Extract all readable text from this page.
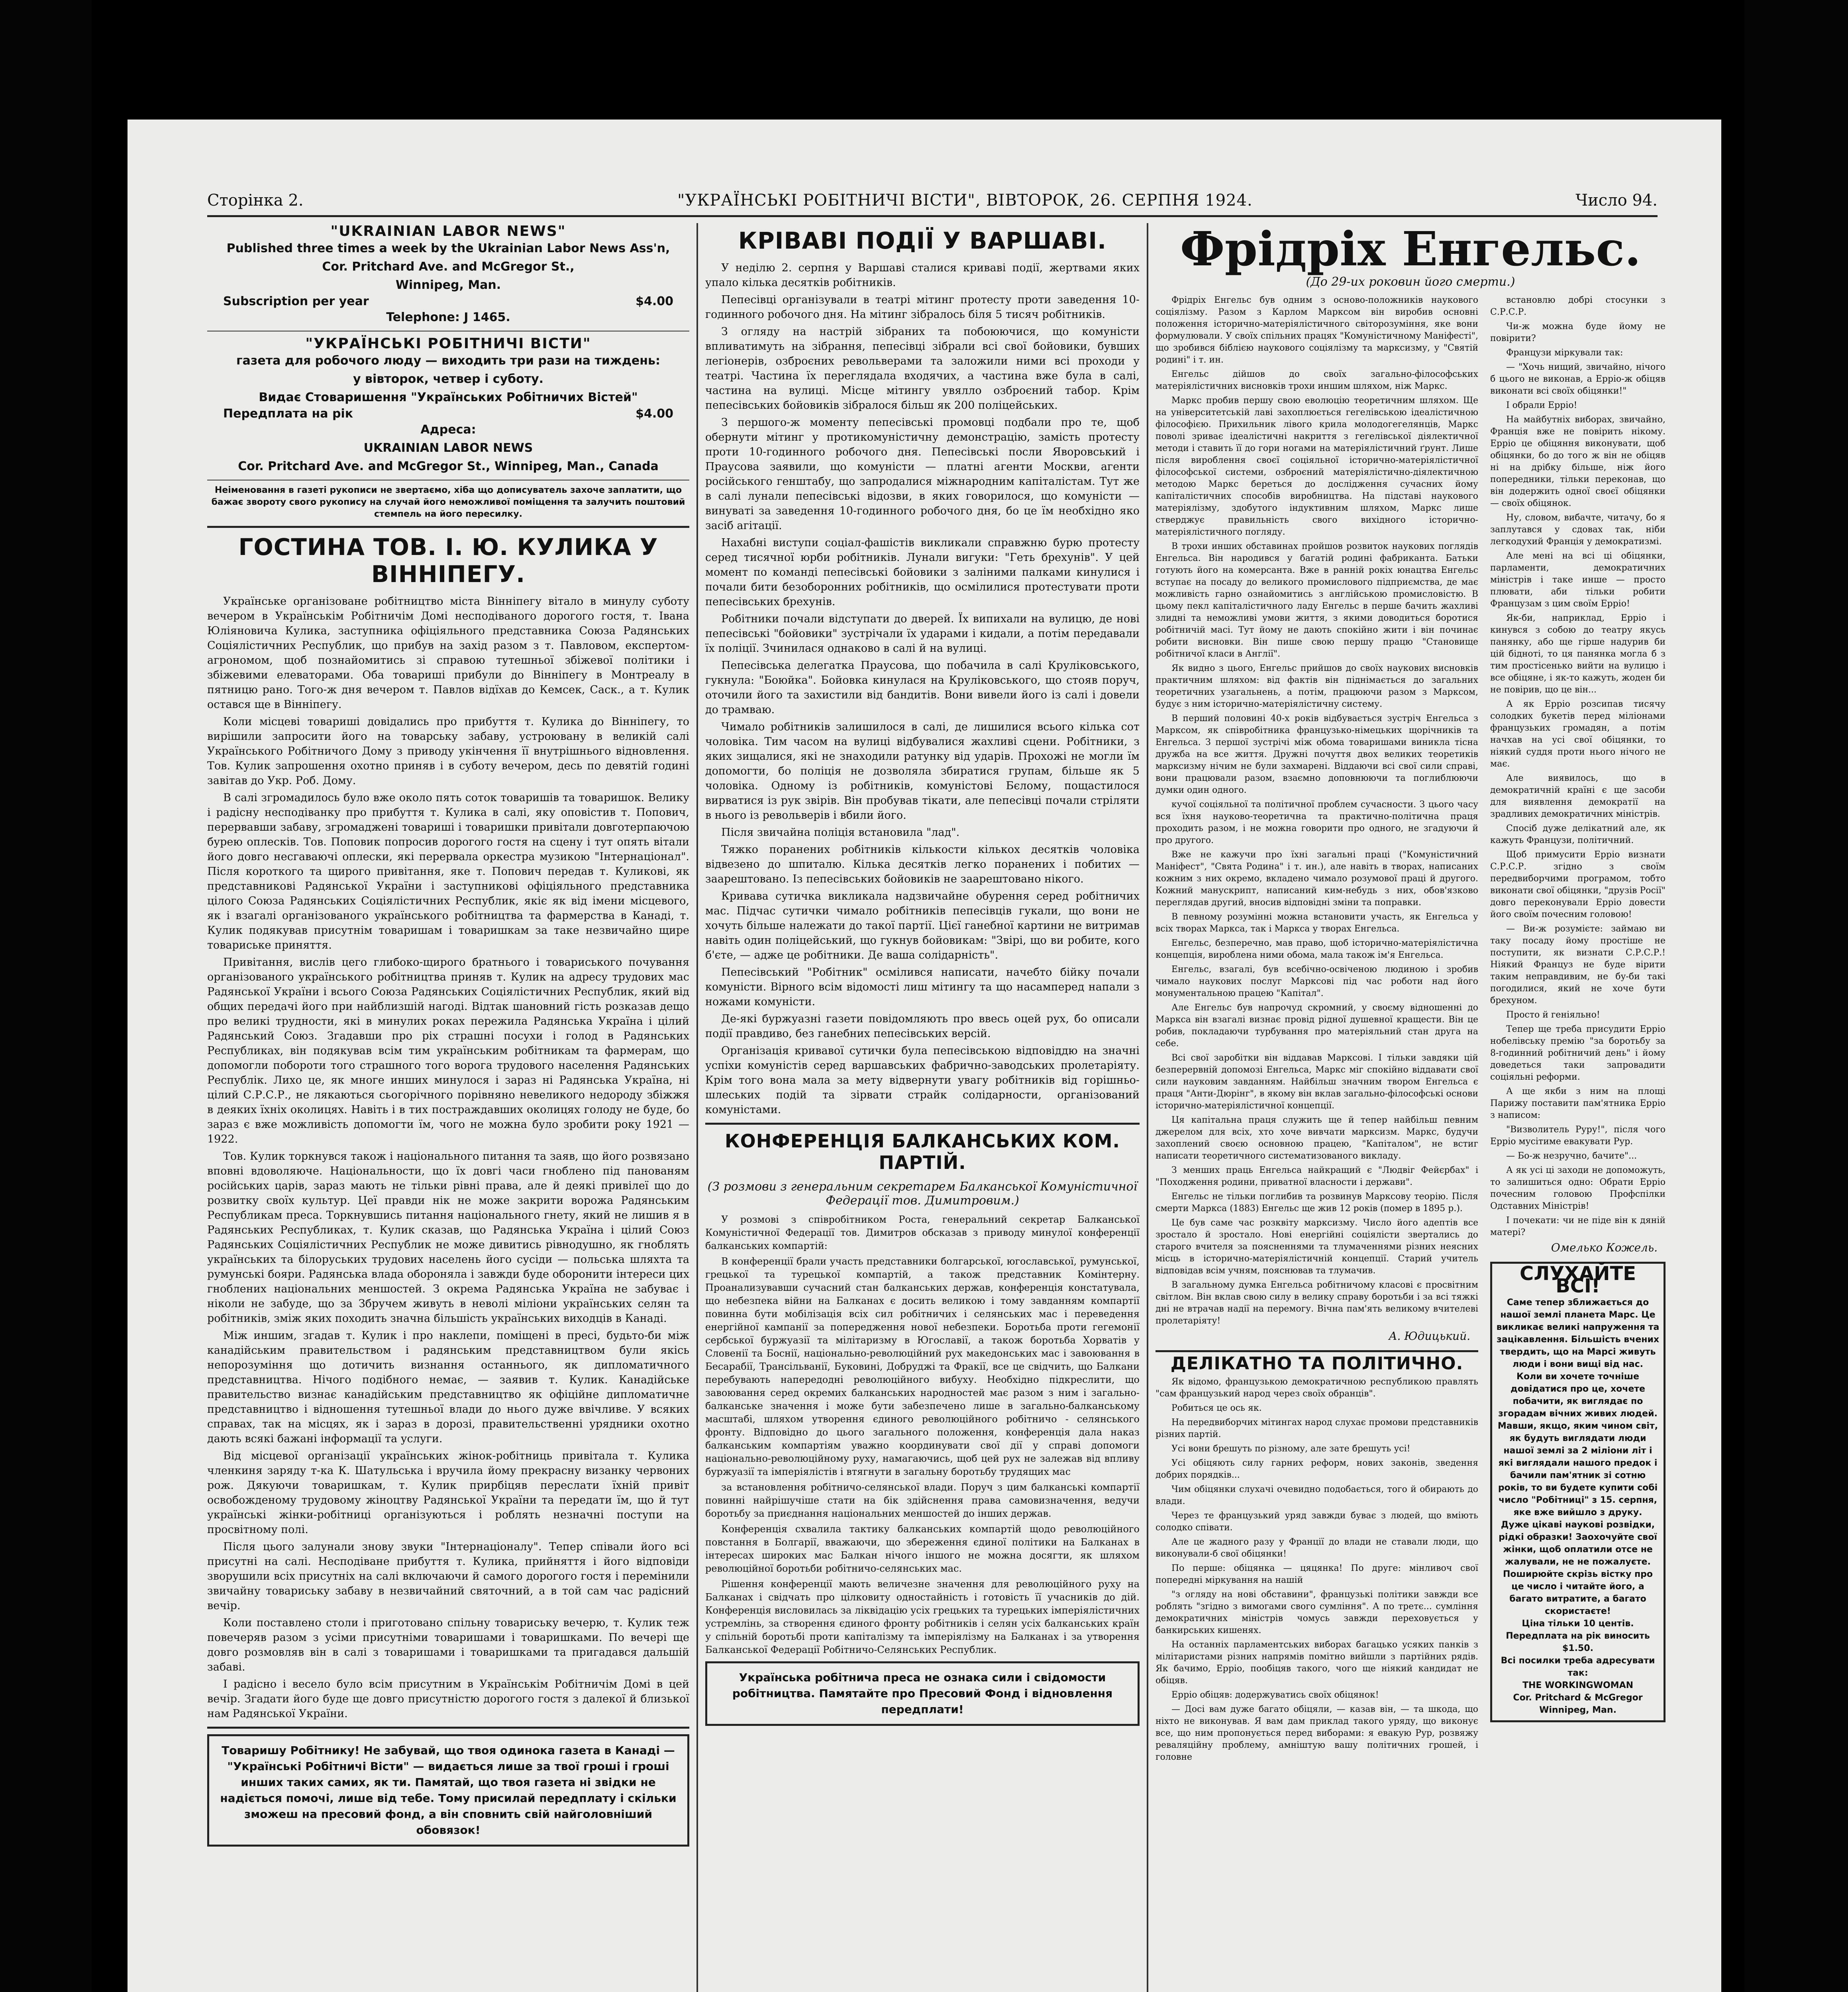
Сторінка 2.	"УКРАЇНСЬКІ РОБІТНИЧІ ВІСТИ", ВІВТОРОК, 26. СЕРПНЯ 1924.	Число 94.
"UKRAINIAN LABOR NEWS"
Published three times a week by the Ukrainian Labor News Ass'n,
Cor. Pritchard Ave. and McGregor St.,
Winnipeg, Man.
Subscription per year	$4.00
Telephone: J 1465.
"УКРАЇНСЬКІ РОБІТНИЧІ ВІСТИ"
газета для робочого люду — виходить три рази на тиждень:
у вівторок, четвер і суботу.
Видає Стоваришення "Українських Робітничих Вістей"
Передплата на рік	$4.00
Адреса:
UKRAINIAN LABOR NEWS
Cor. Pritchard Ave. and McGregor St., Winnipeg, Man., Canada
Неіменовання в газеті рукописи не звертаємо, хіба що дописуватель захоче заплатити, що бажає звороту свого рукопису на случай його неможливої поміщення та залучить поштовий стемпель на його пересилку.
ГОСТИНА ТОВ. І. Ю. КУЛИКА У ВІННІПЕГУ.

Українське організоване робітництво міста Вінніпегу вітало в минулу суботу вечером в Українськім Робітничім Домі несподіваного дорогого гостя, т. Івана Юліяновича Кулика, заступника офіціяльного представника Союза Радянських Соціялістичних Республик, що прибув на захід разом з т. Павловом, експертом-агрономом, щоб познайомитись зі справою тутешньої збіжевої політики і збіжевими елеваторами. Оба товариші прибули до Вінніпегу в Монтреалу в пятницю рано. Того-ж дня вечером т. Павлов відїхав до Кемсек, Саск., а т. Кулик остався ще в Вінніпегу.

Коли місцеві товариші довідались про прибуття т. Кулика до Вінніпегу, то вирішили запросити його на товарську забаву, устроювану в великій салі Українського Робітничого Дому з приводу укінчення її внутрішнього відновлення. Тов. Кулик запрошення охотно приняв і в суботу вечером, десь по девятій годині завітав до Укр. Роб. Дому.

В салі згромадилось було вже около пять соток товаришів та товаришок. Велику і радісну несподіванку про прибуття т. Кулика в салі, яку оповістив т. Попович, перервавши забаву, згромаджені товариші і товаришки привітали довготерпаючою бурею оплесків. Тов. Поповик попросив дорогого гостя на сцену і тут опять вітали його довго несгаваючі оплески, які перервала оркестра музикою "Інтернаціонал". Після короткого та щирого привітання, яке т. Попович передав т. Куликові, як представникові Радянської України і заступникові офіціяльного представника цілого Союза Радянських Соціялістичних Республик, якіє як від імени місцевого, як і взагалі організованого українського робітництва та фармерства в Канаді, т. Кулик подякував присутнім товаришам і товаришкам за таке незвичайно щире товариське приняття.

Привітання, вислів цего глибоко-щирого братнього і товариського почування організованого українського робітництва приняв т. Кулик на адресу трудових мас Радянської України і всього Союза Радянських Соціялістичних Республик, який від общих передачі його при найблизшій нагоді. Відтак шановний гість розказав дещо про великі трудности, які в минулих роках пережила Радянська Україна і цілий Радянський Союз. Згадавши про ріх страшні посухи і голод в Радянських Республиках, він подякував всім тим українським робітникам та фармерам, що допомогли побороти того страшного того ворога трудового населення Радянських Республік. Лихо це, як многе инших минулося і зараз ні Радянська Україна, ні цілий С.Р.С.Р., не лякаються сьогорічного порівняно невеликого недороду збіжжя в деяких їхніх околицях. Навіть і в тих постраждавших околицях голоду не буде, бо зараз є вже можливість допомогти їм, чого не можна було зробити року 1921 — 1922.

Тов. Кулик торкнувся також і національного питання та заяв, що його розвязано вповні вдоволяюче. Національности, що їх довгі часи гноблено під панованям російських царів, зараз мають не тільки рівні права, але й деякі привілеї що до розвитку своїх культур. Цеї правди нік не може закрити ворожа Радянським Республикам преса. Торкнувшись питання національного гнету, який не лишив я в Радянських Республиках, т. Кулик сказав, що Радянська Україна і цілий Союз Радянських Соціялістичних Республик не може дивитись рівнодушно, як гноблять українських та білоруських трудових населень його сусіди — польська шляхта та румунські бояри. Радянська влада обороняла і завжди буде оборонити інтереси цих гноблених національних меншостей. З окрема Радянська Україна не забуває і ніколи не забуде, що за Збручем живуть в неволі міліони українських селян та робітників, зміж яких походить значна більшість українських виходців в Канаді.

Між иншим, згадав т. Кулик і про наклепи, поміщені в пресі, будьто-би між канадійським правительством і радянським представництвом були якісь непорозуміння що дотичить визнання останнього, як дипломатичного представництва. Нічого подібного немає, — заявив т. Кулик. Канадійське правительство визнає канадійським представництво як офіційне дипломатичне представництво і відношення тутешньої влади до нього дуже ввічливе. У всяких справах, так на місцях, як і зараз в дорозі, правительственні урядники охотно дають всякі бажані інформації та услуги.

Від місцевої організації українських жінок-робітниць привітала т. Кулика членкиня заряду т-ка К. Шатульська і вручила йому прекрасну визанку червоних рож. Дякуючи товаришкам, т. Кулик прирбіцяв переслати їхній привіт освобожденому трудовому жіноцтву Радянської України та передати їм, що й тут українські жінки-робітниці організуються і роблять незначні поступи на просвітному полі.

Після цього залунали знову звуки "Інтернаціоналу". Тепер співали його всі присутні на салі. Несподіване прибуття т. Кулика, прийняття і його відповіди зворушили всіх присутніх на салі включаючи й самого дорогого гостя і перемінили звичайну товариську забаву в незвичайний святочний, а в той сам час радісний вечір.

Коли поставлено столи і приготовано спільну товариську вечерю, т. Кулик теж повечеряв разом з усіми присутніми товаришами і товаришками. По вечері ще довго розмовляв він в салі з товаришами і товаришками та пригадався дальшій забаві.

І радісно і весело було всім присутним в Українськім Робітничім Домі в цей вечір. Згадати його буде ще довго присутністю дорогого гостя з далекої й близької нам Радянської України.

Товаришу Робітнику! Не забувай, що твоя одинока газета в Канаді — "Українські Робітничі Вісти" — видається лише за твої гроші і гроші инших таких самих, як ти. Памятай, що твоя газета ні звідки не надіється помочі, лише від тебе. Тому присилай передплату і скільки зможеш на пресовий фонд, а він сповнить свій найголовніший обовязок!
КРІВАВІ ПОДІЇ У ВАРШАВІ.

У неділю 2. серпня у Варшаві сталися криваві події, жертвами яких упало кілька десятків робітників.

Пепесівці організували в театрі мітинг протесту проти заведення 10-годинного робочого дня. На мітинг зібралось біля 5 тисяч робітників.

З огляду на настрій зібраних та побоюючися, що комуністи впливатимуть на зібрання, пепесівці зібрали всі свої бойовики, бувших легіонерів, озброєних револьверами та заложили ними всі проходи у театрі. Частина їх переглядала входячих, а частина вже була в салі, частина на вулиці. Місце мітингу увялло озброєний табор. Крім пепесівських бойовиків зібралося більш як 200 поліцейських.

З першого-ж моменту пепесівські промовці подбали про те, щоб обернути мітинг у протикомуністичну демонстрацію, замість протесту проти 10-годинного робочого дня. Пепесівські посли Яворовський і Праусова заявили, що комуністи — платні агенти Москви, агенти російського генштабу, що запродалися міжнародним капіталістам. Тут же в салі лунали пепесівські відозви, в яких говорилося, що комуністи — винуваті за заведення 10-годинного робочого дня, бо це їм необхідно яко засіб агітації.

Нахабні виступи соціал-фашістів викликали справжню бурю протесту серед тисячної юрби робітників. Лунали вигуки: "Геть брехунів". У цей момент по команді пепесівські бойовики з заліними палками кинулися і почали бити безоборонних робітників, що осмілилися протестувати проти пепесівських брехунів.

Робітники почали відступати до дверей. Їх випихали на вулицю, де нові пепесівські "бойовики" зустрічали їх ударами і кидали, а потім передавали їх поліції. Зчинилася однаково в салі й на вулиці.

Пепесівська делегатка Праусова, що побачила в салі Круліковського, гукнула: "Боюйка". Бойовка кинулася на Круліковського, що стояв поруч, оточили його та захистили від бандитів. Вони вивели його із салі і довели до трамваю.

Чимало робітників залишилося в салі, де лишилися всього кілька сот чоловіка. Тим часом на вулиці відбувалися жахливі сцени. Робітники, з яких зищалися, які не знаходили ратунку від ударів. Прохожі не могли їм допомогти, бо поліція не дозволяла збиратися групам, більше як 5 чоловіка. Одному із робітників, комуністові Бєлому, пощастилося вирватися із рук звірів. Він пробував тікати, але пепесівці почали стріляти в нього із револьверів і вбили його.

Після звичайна поліція встановила "лад".

Тяжко поранених робітників кількости кількох десятків чоловіка відвезено до шпиталю. Кілька десятків легко поранених і побитих — заарештовано. Із пепесівських бойовиків не заарештовано нікого.

Кривава сутичка викликала надзвичайне обурення серед робітничих мас. Підчас сутички чимало робітників пепесівців гукали, що вони не хочуть більше належати до такої партії. Цієї ганебної картини не витримав навіть один поліцейський, що гукнув бойовикам: "Звірі, що ви робите, кого б'єте, — адже це робітники. Де ваша солідарність".

Пепесівський "Робітник" осмілився написати, начебто бійку почали комуністи. Вірного всім відомості лиш мітингу та що насамперед напали з ножами комуністи.

Де-які буржуазні газети повідомляють про ввесь оцей рух, бо описали події правдиво, без ганебних пепесівських версій.

Організація кривавої сутички була пепесівською відповіддю на значні успіхи комуністів серед варшавських фабрично-заводських пролетаріяту. Крім того вона мала за мету відвернути увагу робітників від горішньо-шлеських подій та зірвати страйк солідарности, організований комуністами.

КОНФЕРЕНЦІЯ БАЛКАНСЬКИХ КОМ. ПАРТІЙ.
(З розмови з генеральним секретарем Балканської Комуністичної Федерації тов. Димитровим.)

У розмові з співробітником Роста, генеральний секретар Балканської Комуністичної Федерації тов. Димитров обсказав з приводу минулої конференції балканських компартій:

В конференції брали участь представники болгарської, югославської, румунської, грецької та турецької компартій, а також представник Комінтерну. Проанализувавши сучасний стан балканських держав, конференція констатувала, що небезпека війни на Балканах є досить великою і тому завданням компартії повинна бути мобілізація всіх сил робітничих і селянських мас і переведення енергійної кампанії за попередження нової небезпеки. Боротьба проти гегемонії сербської буржуазії та мілітаризму в Югославії, а також боротьба Хорватів у Словенії та Боснії, національно-революційний рух македонських мас і завоювання в Бесарабії, Трансільванії, Буковині, Добруджі та Фракії, все це свідчить, що Балкани перебувають напередодні революційного вибуху. Необхідно підкреслити, що завоювання серед окремих балканських народностей має разом з ним і загально-балканське значення і може бути забезпечено лише в загально-балканському масштабі, шляхом утворення єдиного революційного робітничо - селянського фронту. Відповідно до цього загального положення, конференція дала наказ балканським компартіям уважно координувати свої дії у справі допомоги національно-революційному руху, намагаючись, щоб цей рух не залежав від впливу буржуазії та імперіялістів і втягнути в загальну боротьбу трудящих мас

за встановлення робітничо-селянської влади. Поруч з цим балканські компартії повинні найрішучіше стати на бік здійснення права самовизначення, ведучи боротьбу за приєднання національних меншостей до інших держав.

Конференція схвалила тактику балканських компартій щодо революційного повстання в Болгарії, вважаючи, що збереження єдиної політики на Балканах в інтересах широких мас Балкан нічого іншого не можна досягти, як шляхом революційної боротьби робітничо-селянських мас.

Рішення конференції мають величезне значення для революційного руху на Балканах і свідчать про цілковиту одностайність і готовість її учасників до дій. Конференція висловилась за ліквідацію усіх грецьких та турецьких імперіялістичних устремлінь, за створення єдиного фронту робітників і селян усіх балканських країн у спільній боротьбі проти капіталізму та імперіялізму на Балканах і за утворення Балканської Федерації Робітничо-Селянських Республик.

Українська робітнича преса не ознака сили і свідомости робітництва. Памятайте про Пресовий Фонд і відновлення передплати!
Фрідріх Енгельс.
(До 29-их роковин його смерти.)

Фрідріх Енгельс був одним з осново-положників наукового соціялізму. Разом з Карлом Марксом він виробив основні положення історично-матеріялістичного світорозуміння, яке вони формулювали. У своїх спільних працях "Комуністичному Маніфесті", що зробився біблією наукового соціялізму та марксизму, у "Святій родині" і т. ин.

Енгельс дійшов до своїх загально-філософських матеріялістичних висновків трохи иншим шляхом, ніж Маркс.

Маркс пробив першу свою еволюцію теоретичним шляхом. Ще на університетській лаві захоплюється гегелівською ідеалістичною філософією. Прихильник лівого крила молодогегелянців, Маркс поволі зриває ідеалістичні накриття з гегелівської діялектичної методи і ставить її до гори ногами на матеріялістичний ґрунт. Лише після вироблення своєї соціяльної історично-матеріялістичної філософської системи, озброєний матеріялістично-діялектичною методою Маркс береться до дослідження сучасних йому капіталістичних способів виробництва. На підставі наукового матеріялізму, здобутого індуктивним шляхом, Маркс лише стверджує правильність свого вихідного історично-матеріялістичного погляду.

В трохи инших обставинах пройшов розвиток наукових поглядів Енгельса. Він народився у багатій родині фабриканта. Батьки готують його на комерсанта. Вже в ранній рокіх юнацтва Енгельс вступає на посаду до великого промислового підприємства, де має можливість гарно ознайомитись з англійською промисловістю. В цьому пекл капіталістичного ладу Енгельс в першe бачить жахливі злидні та неможливі умови життя, з якими доводиться боротися робітничій масі. Тут йому не дають спокійно жити і він починає робити висновки. Він пише свою першу працю "Становище робітничої класи в Англії".

Як видно з цього, Енгельс прийшов до своїх наукових висновків практичним шляхом: від фактів він піднімається до загальних теоретичних узагальнень, а потім, працюючи разом з Марксом, будує з ним історично-матеріялістичну систему.

В перший половині 40-х років відбувається зустріч Енгельса з Марксом, як співробітника французько-німецьких щорічників та Енгельса. З першої зустрічі між обома товаришами виникла тісна дружба на все життя. Дружні почуття двох великих теоретиків марксизму нічим не були захмарені. Віддаючи всі свої сили справі, вони працювали разом, взаємно доповнюючи та поглиблюючи думки один одного.

кучої соціяльної та політичної проблем сучасности. З цього часу вся їхня науково-теоретична та практично-політична праця проходить разом, і не можна говорити про одного, не згадуючи й про другого.

Вже не кажучи про їхні загальні праці ("Комуністичний Маніфест", "Свята Родина" і т. ин.), але навіть в творах, написаних кожним з них окремо, вкладено чимало розумової праці й другого. Кожний манускрипт, написаний ким-небудь з них, обов'язково переглядав другий, вносив відповідні зміни та поправки.

В певному розумінні можна встановити участь, як Енгельса у всіх творах Маркса, так і Маркса у творах Енгельса.

Енгельс, безперечно, мав право, щоб історично-матеріялістична концепція, вироблена ними обома, мала також ім'я Енгельса.

Енгельс, взагалі, був всебічно-освіченою людиною і зробив чимало наукових послуг Марксові під час роботи над його монументальною працею "Капітал".

Але Енгельс був напрочуд скромний, у своєму відношенні до Маркса він взагалі визнає провід рідної душевної кращести. Він це робив, покладаючи турбування про матеріяльний стан друга на себе.

Всі свої заробітки він віддавав Марксові. І тільки завдяки цій безперервній допомозі Енгельса, Маркс міг спокійно віддавати свої сили науковим завданням. Найбільш значним твором Енгельса є праця "Анти-Дюрінг", в якому він вклав загально-філософські основи історично-матеріялістичної концепції.

Ця капітальна праця служить ще й тепер найбільш певним джерелом для всіх, хто хоче вивчати марксизм. Маркс, будучи захоплений своєю основною працею, "Капіталом", не встиг написати теоретичного систематизованого викладу.

З менших праць Енгельса найкращий є "Людвіг Фейєрбах" і "Походження родини, приватної власности і держави".

Енгельс не тільки поглибив та розвинув Марксову теорію. Після смерти Маркса (1883) Енгельс ще жив 12 років (помер в 1895 р.).

Це був саме час розквіту марксизму. Число його адептів все зростало й зростало. Нові енергійні соціялісти звертались до старого вчителя за поясненнями та тлумаченнями різних неясних місць в історично-матеріялістичній концепції. Старий учитель відповідав всім учням, пояснював та тлумачив.

В загальному думка Енгельса робітничому класові є просвітним світлом. Він вклав свою силу в велику справу боротьби і за всі тяжкі дні не втрачав надії на перемогу. Вічна пам'ять великому вчителеві пролетаріяту!

А. Юдицький.
ДЕЛІКАТНО ТА ПОЛІТИЧНО.

Як відомо, французькою демократичною республикою правлять "сам французький народ через своїх обранців".

Робиться це ось як.

На передвиборчих мітингах народ слухає промови представників різних партій.

Усі вони брешуть по різному, але зате брешуть усі!

Усі обіцяють силу гарних реформ, нових законів, зведення добрих порядків...

Чим обіцянки слухачі очевидно подобається, того й обирають до влади.

Через те французький уряд завжди буває з людей, що вміють солодко співати.

Але це жадного разу у Франції до влади не ставали люди, що виконували-б свої обіцянки!

По перше: обіцянка — цяцянка! По друге: мінливоч свої попередні міркування на нашій

"з огляду на нові обставини", французькі політики завжди все роблять "згідно з вимогами свого сумління". А по третє... сумління демократичних міністрів чомусь завжди переховується у банкирських кишенях.

На останніх парламентських виборах багацько усяких панків з мілітаристами різних напрямів помітно вийшли з партійних рядів. Як бачимо, Ерріо, пообіцяв такого, чого ще ніякий кандидат не обіцяв.

Ерріо обіцяв: додержуватись своїх обіцянок!

— Досі вам дуже багато обіцяли, — казав він, — та шкода, що ніхто не виконував. Я вам дам приклад такого уряду, що виконує все, що ним пропонується перед виборами: я евакую Рур, розвяжу реваляційну проблему, амніштую вашу політичних грошей, і головне

встановлю добрі стосунки з С.Р.С.Р.

Чи-ж можна буде йому не повірити?

Французи міркували так:

— "Хочь нищий, звичайно, нічого б цього не виконав, а Ерріо-ж обіцяв виконати всі своїх обіцянки!"

І обрали Ерріо!

На майбутніх виборах, звичайно, Франція вже не повірить нікому. Ерріо це обіцяння виконувати, щоб обіцянки, бо до того ж він не обіцяв ні на дрібку більше, ніж його попередники, тільки переконав, що він додержить одної своєї обіцянки — своїх обіцянок.

Ну, словом, вибачте, читачу, бо я заплутався у сдовах так, ніби легкодухий Франція у демократизмі.

Але мені на всі ці обіцянки, парламенти, демократичних міністрів і таке иншe — просто плювати, аби тільки робити Французам з цим своїм Ерріо!

Як-би, наприклад, Ерріо і кинувся з собою до театру якусь панянку, або ще гірше надурив би цій бідноті, то ця панянка могла б з тим простісенько вийти на вулицю і все обіцяне, і як-то кажуть, жоден би не повірив, що це він...

А як Ерріо розсипав тисячу солодких букетів перед міліонами французьких громадян, а потім начхав на усі свої обіцянки, то ніякий суддя проти нього нічого не має.

Але виявилось, що в демократичній країні є ще засоби для виявлення демократії на зрадливих демократичних міністрів.

Спосіб дуже делікатний але, як кажуть Французи, політичний.

Щоб примусити Ерріо визнати С.Р.С.Р. згідно з своїм передвиборчими програмом, тобто виконати свої обіцянки, "друзів Росії" довго переконували Ерріо довести його своїм почесним головою!

— Ви-ж розумієте: займаю ви таку посаду йому простіше не поступити, як визнати С.Р.С.Р.! Ніякий Француз не буде вірити таким неправдивим, не бу-би такі погодилися, який не хоче бути брехуном.

Просто й геніяльно!

Тепер ще треба присудити Ерріо нобелівську премію "за боротьбу за 8-годинний робітничий день" і йому доведеться таки запровадити соціяльні реформи.

А ще якби з ним на площі Парижу поставити пам'ятника Ерріо з написом:

"Визволитель Руру!", після чого Ерріо мусітиме евакувати Рур.

— Бо-ж незручно, бачите"...

А як усі ці заходи не допоможуть, то залишиться одно: Обрати Ерріо почесним головою Профспілки Одставних Міністрів!

І почекати: чи не піде він к дяній матері?

Омелько Кожель.
СЛУХАЙТЕ ВСІ!
Саме тепер зближається до нашої землі планета Марс. Це викликає великі напруження та зацікавлення. Більшість вчених твердить, що на Марсі живуть люди і вони вищі від нас.
Коли ви хочете точніше довідатися про це, хочете побачити, як виглядає по згорадам вічних живих людей. Мавши, якщо, яким чином світ, як будуть виглядати люди нашої землі за 2 міліони літ і які виглядали нашого предок і бачили пам'ятник зі сотню років, то ви будете купити собі число "Робітниці" з 15. серпня, яке вже вийшло з друку.
Дуже цікаві наукові розвідки, рідкі образки! Заохочуйте свої жінки, щоб оплатили отсе не жалували, не не пожалуєте.
Поширюйте скрізь вістку про це число і читайте його, а багато витратите, а багато скористаєте!
Ціна тільки 10 центів.
Передплата на рік виносить $1.50.
Всі посилки треба адресувати так:
THE WORKINGWOMAN
Cor. Pritchard & McGregor
Winnipeg, Man.
